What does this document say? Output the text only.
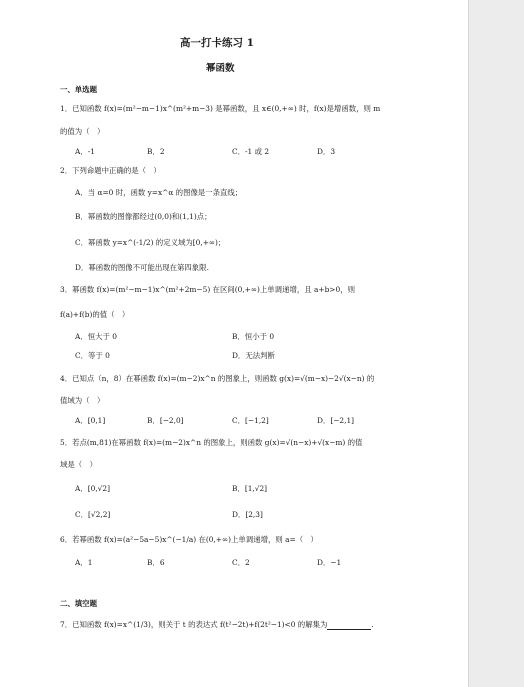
高一打卡练习 1
幂函数
一、单选题
1．已知函数 f(x)=(m²−m−1)x^(m²+m−3) 是幂函数，且 x∈(0,+∞) 时，f(x)是增函数，则 m
的值为（　）
A．-1	B．2	C．-1 或 2	D．3
2．下列命题中正确的是（　）
A．当 α=0 时，函数 y=x^α 的图像是一条直线；
B．幂函数的图像都经过(0,0)和(1,1)点；
C．幂函数 y=x^(-1/2) 的定义域为[0,+∞)；
D．幂函数的图像不可能出现在第四象限.
3．幂函数 f(x)=(m²−m−1)x^(m²+2m−5) 在区间(0,+∞)上单调递增，且 a+b>0，则
f(a)+f(b)的值（　）
A．恒大于 0	B．恒小于 0
C．等于 0	D．无法判断
4．已知点（n，8）在幂函数 f(x)=(m−2)x^n 的图象上，则函数 g(x)=√(m−x)−2√(x−n) 的
值域为（　）
A．[0,1]	B．[−2,0]	C．[−1,2]	D．[−2,1]
5．若点(m,81)在幂函数 f(x)=(m−2)x^n 的图象上，则函数 g(x)=√(n−x)+√(x−m) 的值
域是（　）
A．[0,√2]	B．[1,√2]
C．[√2,2]	D．[2,3]
6．若幂函数 f(x)=(a²−5a−5)x^(−1/a) 在(0,+∞)上单调递增，则 a=（　）
A．1	B．6	C．2	D．−1
二、填空题
7．已知函数 f(x)=x^(1/3)，则关于 t 的表达式 f(t²−2t)+f(2t²−1)<0 的解集为	.
